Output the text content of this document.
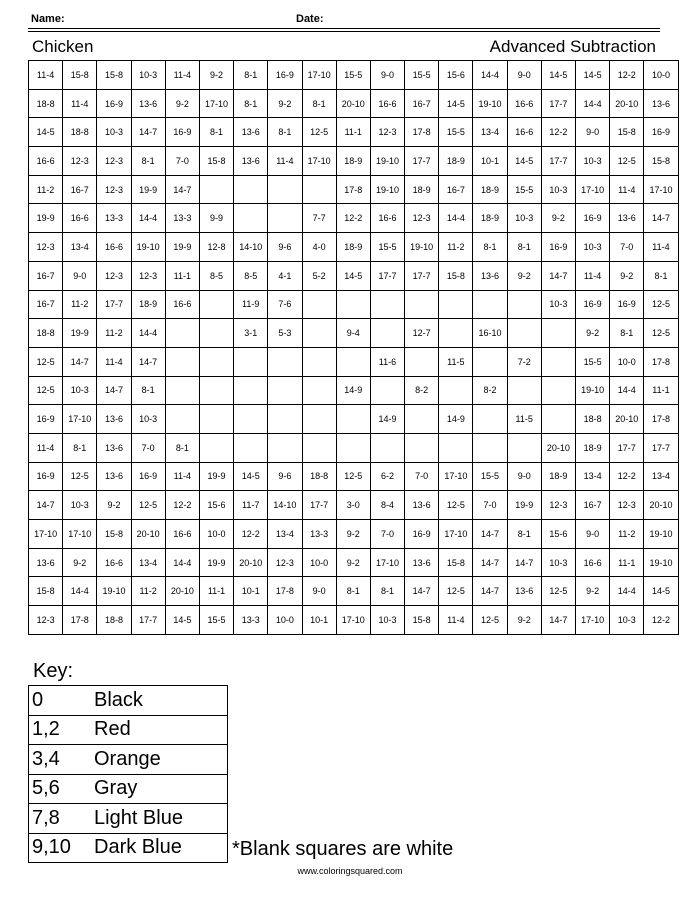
Name:	Date:
Chicken	Advanced Subtraction
11-4	15-8	15-8	10-3	11-4	9-2	8-1	16-9	17-10	15-5	9-0	15-5	15-6	14-4	9-0	14-5	14-5	12-2	10-0
18-8	11-4	16-9	13-6	9-2	17-10	8-1	9-2	8-1	20-10	16-6	16-7	14-5	19-10	16-6	17-7	14-4	20-10	13-6
14-5	18-8	10-3	14-7	16-9	8-1	13-6	8-1	12-5	11-1	12-3	17-8	15-5	13-4	16-6	12-2	9-0	15-8	16-9
16-6	12-3	12-3	8-1	7-0	15-8	13-6	11-4	17-10	18-9	19-10	17-7	18-9	10-1	14-5	17-7	10-3	12-5	15-8
11-2	16-7	12-3	19-9	14-7					17-8	19-10	18-9	16-7	18-9	15-5	10-3	17-10	11-4	17-10
19-9	16-6	13-3	14-4	13-3	9-9			7-7	12-2	16-6	12-3	14-4	18-9	10-3	9-2	16-9	13-6	14-7
12-3	13-4	16-6	19-10	19-9	12-8	14-10	9-6	4-0	18-9	15-5	19-10	11-2	8-1	8-1	16-9	10-3	7-0	11-4
16-7	9-0	12-3	12-3	11-1	8-5	8-5	4-1	5-2	14-5	17-7	17-7	15-8	13-6	9-2	14-7	11-4	9-2	8-1
16-7	11-2	17-7	18-9	16-6		11-9	7-6								10-3	16-9	16-9	12-5
18-8	19-9	11-2	14-4			3-1	5-3		9-4		12-7		16-10			9-2	8-1	12-5
12-5	14-7	11-4	14-7							11-6		11-5		7-2		15-5	10-0	17-8
12-5	10-3	14-7	8-1						14-9		8-2		8-2			19-10	14-4	11-1
16-9	17-10	13-6	10-3							14-9		14-9		11-5		18-8	20-10	17-8
11-4	8-1	13-6	7-0	8-1											20-10	18-9	17-7	17-7
16-9	12-5	13-6	16-9	11-4	19-9	14-5	9-6	18-8	12-5	6-2	7-0	17-10	15-5	9-0	18-9	13-4	12-2	13-4
14-7	10-3	9-2	12-5	12-2	15-6	11-7	14-10	17-7	3-0	8-4	13-6	12-5	7-0	19-9	12-3	16-7	12-3	20-10
17-10	17-10	15-8	20-10	16-6	10-0	12-2	13-4	13-3	9-2	7-0	16-9	17-10	14-7	8-1	15-6	9-0	11-2	19-10
13-6	9-2	16-6	13-4	14-4	19-9	20-10	12-3	10-0	9-2	17-10	13-6	15-8	14-7	14-7	10-3	16-6	11-1	19-10
15-8	14-4	19-10	11-2	20-10	11-1	10-1	17-8	9-0	8-1	8-1	14-7	12-5	14-7	13-6	12-5	9-2	14-4	14-5
12-3	17-8	18-8	17-7	14-5	15-5	13-3	10-0	10-1	17-10	10-3	15-8	11-4	12-5	9-2	14-7	17-10	10-3	12-2
Key:
0	Black
1,2	Red
3,4	Orange
5,6	Gray
7,8	Light Blue
9,10	Dark Blue	*Blank squares are white
www.coloringsquared.com
